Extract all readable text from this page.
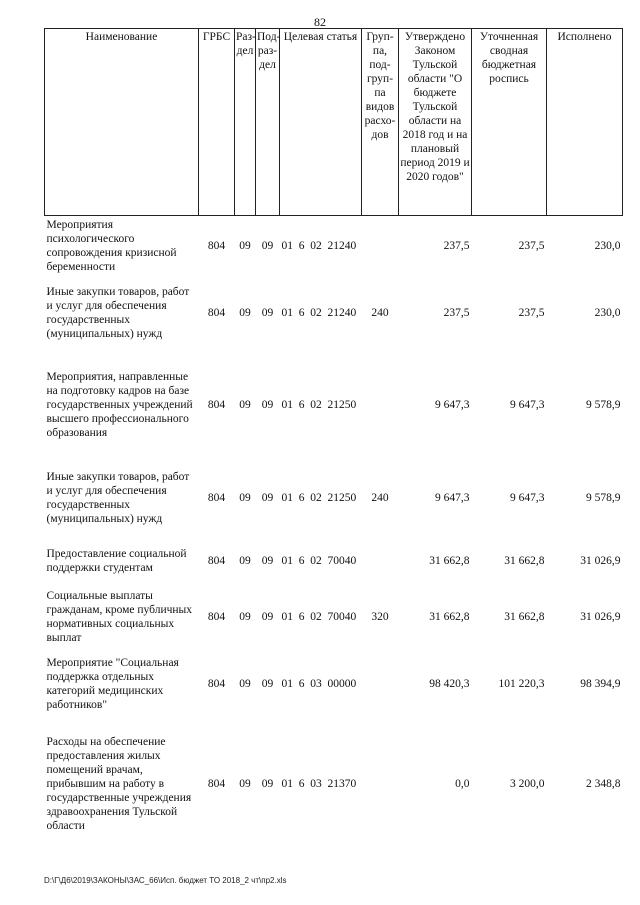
82
Наименование	ГРБС	Раз-дел	Под-раз-дел	Целевая статья	Груп-па, под-груп-па видов расхо-дов	Утверждено Законом Тульской области "О бюджете Тульской области на 2018 год и на плановый период 2019 и 2020 годов"	Уточненная сводная бюджетная роспись	Исполнено
Мероприятия психологического сопровождения кризисной беременности	804	09	09	01  6  02  21240		237,5	237,5	230,0
Иные закупки товаров, работ и услуг для обеспечения государственных (муниципальных) нужд	804	09	09	01  6  02  21240	240	237,5	237,5	230,0
Мероприятия, направленные на подготовку кадров на базе государственных учреждений высшего профессионального образования	804	09	09	01  6  02  21250		9 647,3	9 647,3	9 578,9
Иные закупки товаров, работ и услуг для обеспечения государственных (муниципальных) нужд	804	09	09	01  6  02  21250	240	9 647,3	9 647,3	9 578,9
Предоставление социальной поддержки студентам	804	09	09	01  6  02  70040		31 662,8	31 662,8	31 026,9
Социальные выплаты гражданам, кроме публичных нормативных социальных выплат	804	09	09	01  6  02  70040	320	31 662,8	31 662,8	31 026,9
Мероприятие "Социальная поддержка отдельных категорий медицинских работников"	804	09	09	01  6  03  00000		98 420,3	101 220,3	98 394,9
Расходы на обеспечение предоставления жилых помещений врачам, прибывшим на работу в государственные учреждения здравоохранения Тульской области	804	09	09	01  6  03  21370		0,0	3 200,0	2 348,8
D:\Г\Д6\2019\ЗАКОНЫ\ЗАС_66\Исп. бюджет ТО 2018_2 чт\пр2.xls
